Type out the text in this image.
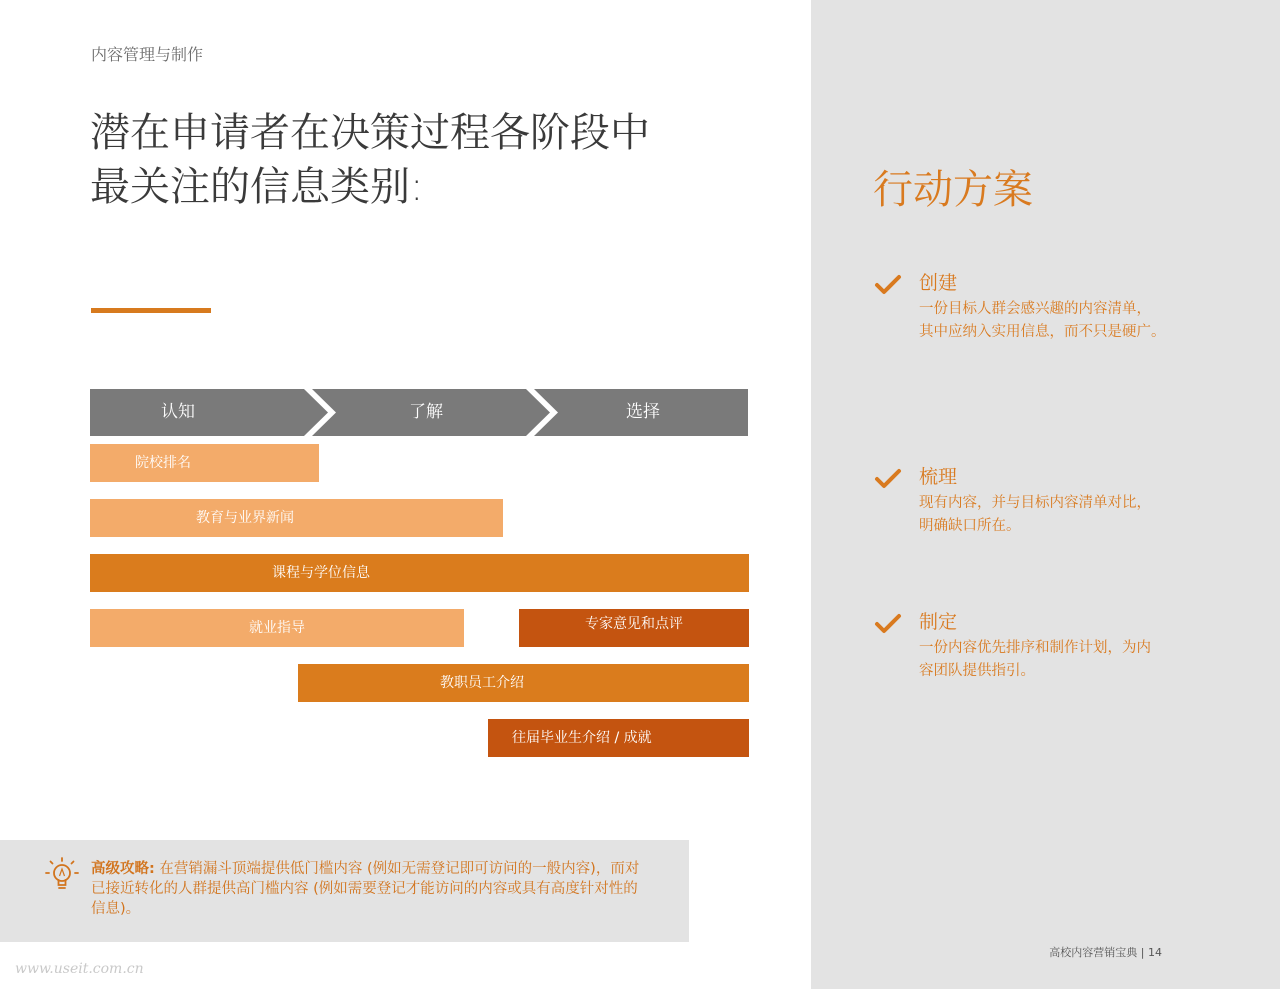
内容管理与制作
潜在申请者在决策过程各阶段中
最关注的信息类别:
认知	了解	选择
院校排名
教育与业界新闻
课程与学位信息
就业指导	专家意见和点评
教职员工介绍
往届毕业生介绍 / 成就
高级攻略: 在营销漏斗顶端提供低门槛内容 (例如无需登记即可访问的一般内容)，而对已接近转化的人群提供高门槛内容 (例如需要登记才能访问的内容或具有高度针对性的信息)。
www.useit.com.cn
行动方案
创建
一份目标人群会感兴趣的内容清单，
其中应纳入实用信息，而不只是硬广。
梳理
现有内容，并与目标内容清单对比，
明确缺口所在。
制定
一份内容优先排序和制作计划，为内
容团队提供指引。
高校内容营销宝典 | 14
